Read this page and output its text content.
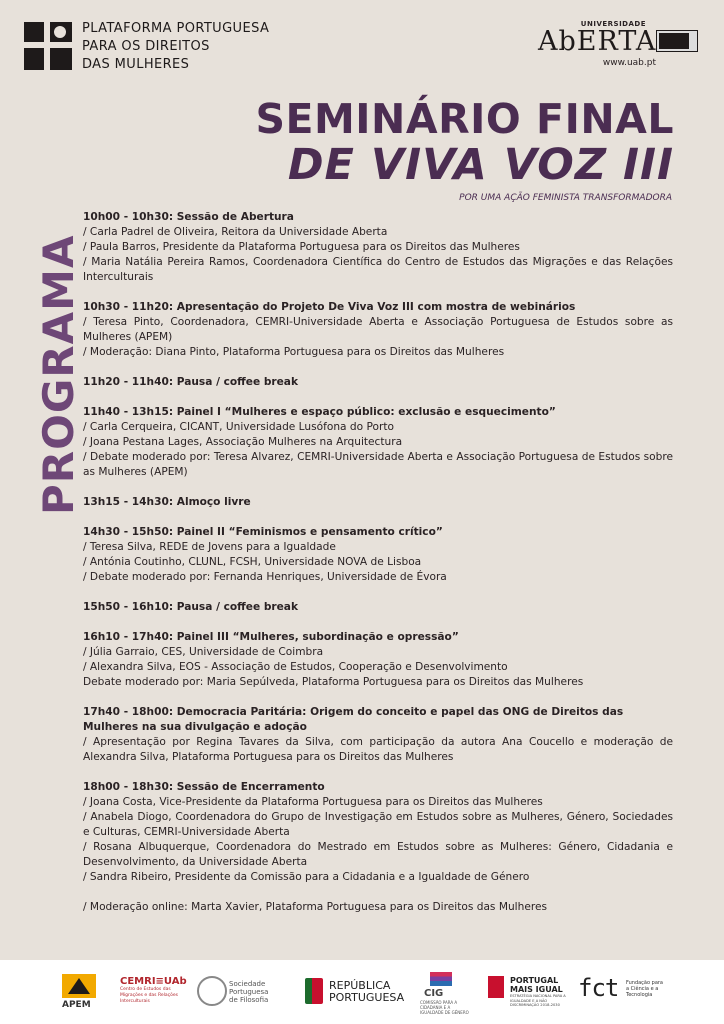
PLATAFORMA PORTUGUESA
PARA OS DIREITOS
DAS MULHERES
UNIVERSIDADE
AbERTA
www.uab.pt
SEMINÁRIO FINAL
DE VIVA VOZ III
POR UMA AÇÃO FEMINISTA TRANSFORMADORA
PROGRAMA
10h00 - 10h30: Sessão de Abertura
/ Carla Padrel de Oliveira, Reitora da Universidade Aberta
/ Paula Barros, Presidente da Plataforma Portuguesa para os Direitos das Mulheres
/ Maria Natália Pereira Ramos, Coordenadora Científica do Centro de Estudos das Migrações e das Relações Interculturais
10h30 - 11h20: Apresentação do Projeto De Viva Voz III com mostra de webinários
/ Teresa Pinto, Coordenadora, CEMRI-Universidade Aberta e Associação Portuguesa de Estudos sobre as Mulheres (APEM)
/ Moderação: Diana Pinto, Plataforma Portuguesa para os Direitos das Mulheres
11h20 - 11h40: Pausa / coffee break
11h40 - 13h15: Painel I “Mulheres e espaço público: exclusão e esquecimento”
/ Carla Cerqueira, CICANT, Universidade Lusófona do Porto
/ Joana Pestana Lages, Associação Mulheres na Arquitectura
/ Debate moderado por: Teresa Alvarez, CEMRI-Universidade Aberta e Associação Portuguesa de Estudos sobre as Mulheres (APEM)
13h15 - 14h30: Almoço livre
14h30 - 15h50: Painel II “Feminismos e pensamento crítico”
/ Teresa Silva, REDE de Jovens para a Igualdade
/ Antónia Coutinho, CLUNL, FCSH, Universidade NOVA de Lisboa
/ Debate moderado por: Fernanda Henriques, Universidade de Évora
15h50 - 16h10: Pausa / coffee break
16h10 - 17h40: Painel III “Mulheres, subordinação e opressão”
/ Júlia Garraio, CES, Universidade de Coimbra
/ Alexandra Silva, EOS - Associação de Estudos, Cooperação e Desenvolvimento
Debate moderado por: Maria Sepúlveda, Plataforma Portuguesa para os Direitos das Mulheres
17h40 - 18h00: Democracia Paritária: Origem do conceito e papel das ONG de Direitos das Mulheres na sua divulgação e adoção
/ Apresentação por Regina Tavares da Silva, com participação da autora Ana Coucello e moderação de Alexandra Silva, Plataforma Portuguesa para os Direitos das Mulheres
18h00 - 18h30: Sessão de Encerramento
/ Joana Costa, Vice-Presidente da Plataforma Portuguesa para os Direitos das Mulheres
/ Anabela Diogo, Coordenadora do Grupo de Investigação em Estudos sobre as Mulheres, Género, Sociedades e Culturas, CEMRI-Universidade Aberta
/ Rosana Albuquerque, Coordenadora do Mestrado em Estudos sobre as Mulheres: Género, Cidadania e Desenvolvimento, da Universidade Aberta
/ Sandra Ribeiro, Presidente da Comissão para a Cidadania e a Igualdade de Género
/ Moderação online: Marta Xavier, Plataforma Portuguesa para os Direitos das Mulheres
APEM
CEMRI≡UAb
Centro de Estudos das Migrações e das Relações Interculturais
Sociedade
Portuguesa
de Filosofia
REPÚBLICA
PORTUGUESA CIG
COMISSÃO PARA A CIDADANIA E A IGUALDADE DE GÉNERO
PORTUGAL
MAIS IGUAL
ESTRATÉGIA NACIONAL PARA A IGUALDADE E A NÃO DISCRIMINAÇÃO 2018-2030
fct Fundação para a Ciência e a Tecnologia
